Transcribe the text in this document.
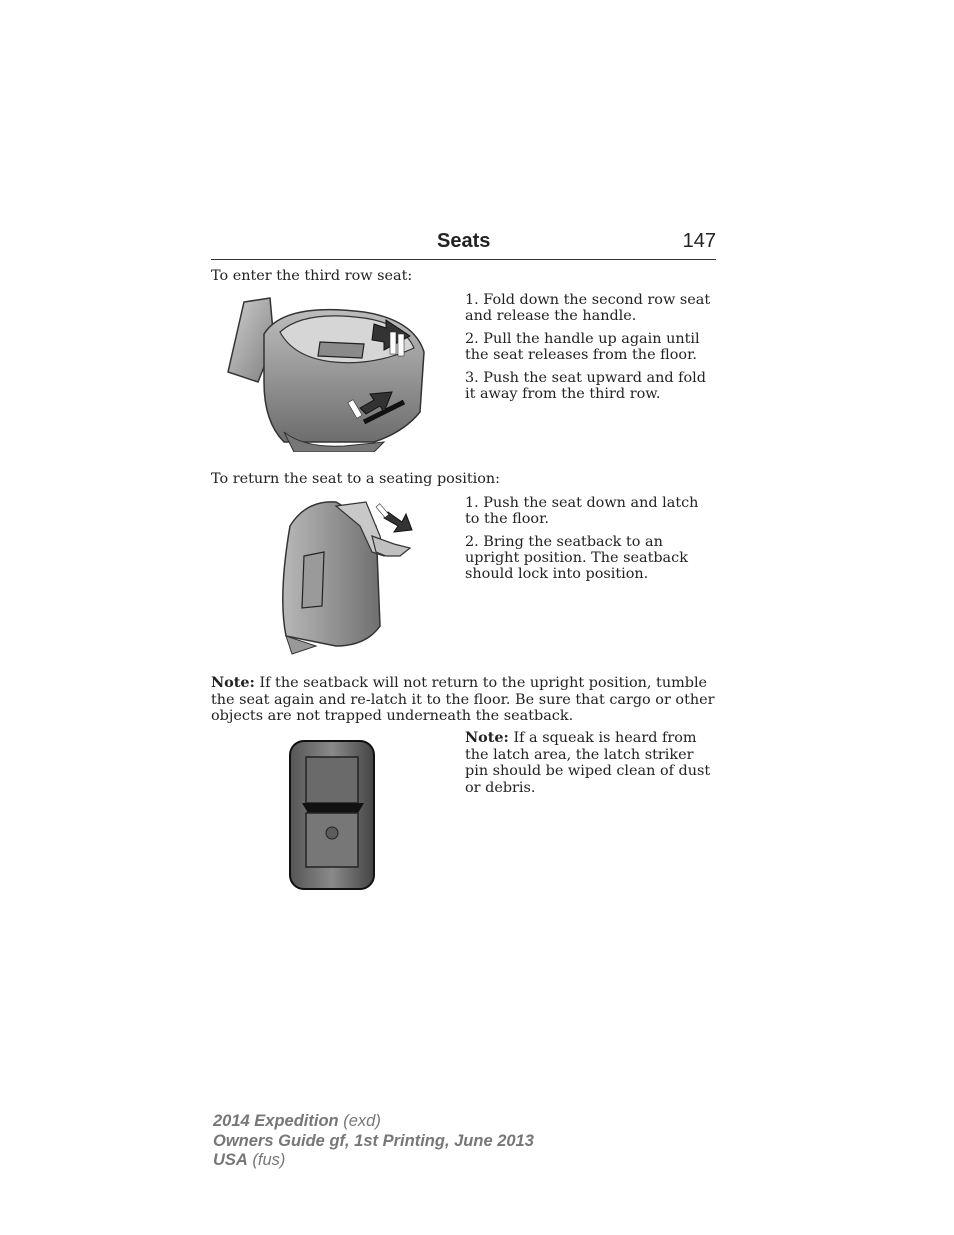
Seats	147

To enter the third row seat:

1. Fold down the second row seat and release the handle.

2. Pull the handle up again until the seat releases from the floor.

3. Push the seat upward and fold it away from the third row.

To return the seat to a seating position:

1. Push the seat down and latch to the floor.

2. Bring the seatback to an upright position. The seatback should lock into position.

Note: If the seatback will not return to the upright position, tumble the seat again and re-latch it to the floor. Be sure that cargo or other objects are not trapped underneath the seatback.

Note: If a squeak is heard from the latch area, the latch striker pin should be wiped clean of dust or debris.

2014 Expedition (exd)
Owners Guide gf, 1st Printing, June 2013
USA (fus)
